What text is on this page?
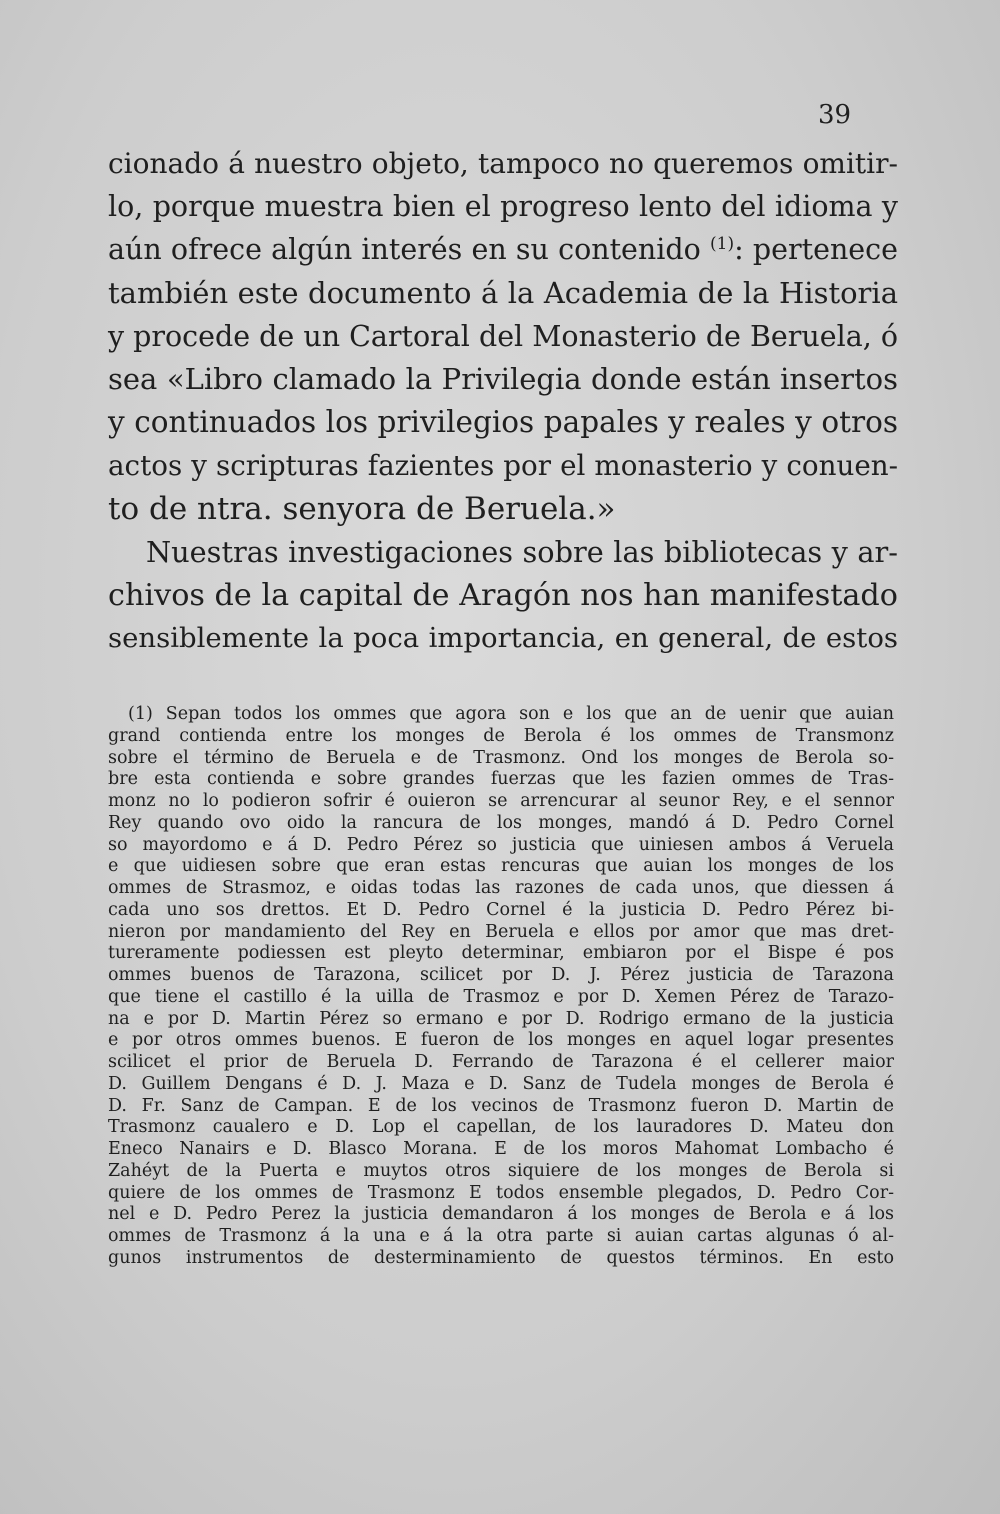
39
cionado á nuestro objeto, tampoco no queremos omitir-
lo, porque muestra bien el progreso lento del idioma y
aún ofrece algún interés en su contenido $^{(1)}$: pertenece
también este documento á la Academia de la Historia
y procede de un Cartoral del Monasterio de Beruela, ó
sea «Libro clamado la Privilegia donde están insertos
y continuados los privilegios papales y reales y otros
actos y scripturas fazientes por el monasterio y conuen-
to de ntra. senyora de Beruela.»
Nuestras investigaciones sobre las bibliotecas y ar-
chivos de la capital de Aragón nos han manifestado
sensiblemente la poca importancia, en general, de estos
(1) Sepan todos los ommes que agora son e los que an de uenir que auian
grand contienda entre los monges de Berola é los ommes de Transmonz
sobre el término de Beruela e de Trasmonz. Ond los monges de Berola so-
bre esta contienda e sobre grandes fuerzas que les fazien ommes de Tras-
monz no lo podieron sofrir é ouieron se arrencurar al seunor Rey, e el sennor
Rey quando ovo oido la rancura de los monges, mandó á D. Pedro Cornel
so mayordomo e á D. Pedro Pérez so justicia que uiniesen ambos á Veruela
e que uidiesen sobre que eran estas rencuras que auian los monges de los
ommes de Strasmoz, e oidas todas las razones de cada unos, que diessen á
cada uno sos drettos. Et D. Pedro Cornel é la justicia D. Pedro Pérez bi-
nieron por mandamiento del Rey en Beruela e ellos por amor que mas dret-
tureramente podiessen est pleyto determinar, embiaron por el Bispe é pos
ommes buenos de Tarazona, scilicet por D. J. Pérez justicia de Tarazona
que tiene el castillo é la uilla de Trasmoz e por D. Xemen Pérez de Tarazo-
na e por D. Martin Pérez so ermano e por D. Rodrigo ermano de la justicia
e por otros ommes buenos. E fueron de los monges en aquel logar presentes
scilicet el prior de Beruela D. Ferrando de Tarazona é el cellerer maior
D. Guillem Dengans é D. J. Maza e D. Sanz de Tudela monges de Berola é
D. Fr. Sanz de Campan. E de los vecinos de Trasmonz fueron D. Martin de
Trasmonz caualero e D. Lop el capellan, de los lauradores D. Mateu don
Eneco Nanairs e D. Blasco Morana. E de los moros Mahomat Lombacho é
Zahéyt de la Puerta e muytos otros siquiere de los monges de Berola si
quiere de los ommes de Trasmonz E todos ensemble plegados, D. Pedro Cor-
nel e D. Pedro Perez la justicia demandaron á los monges de Berola e á los
ommes de Trasmonz á la una e á la otra parte si auian cartas algunas ó al-
gunos instrumentos de desterminamiento de questos términos. En esto
